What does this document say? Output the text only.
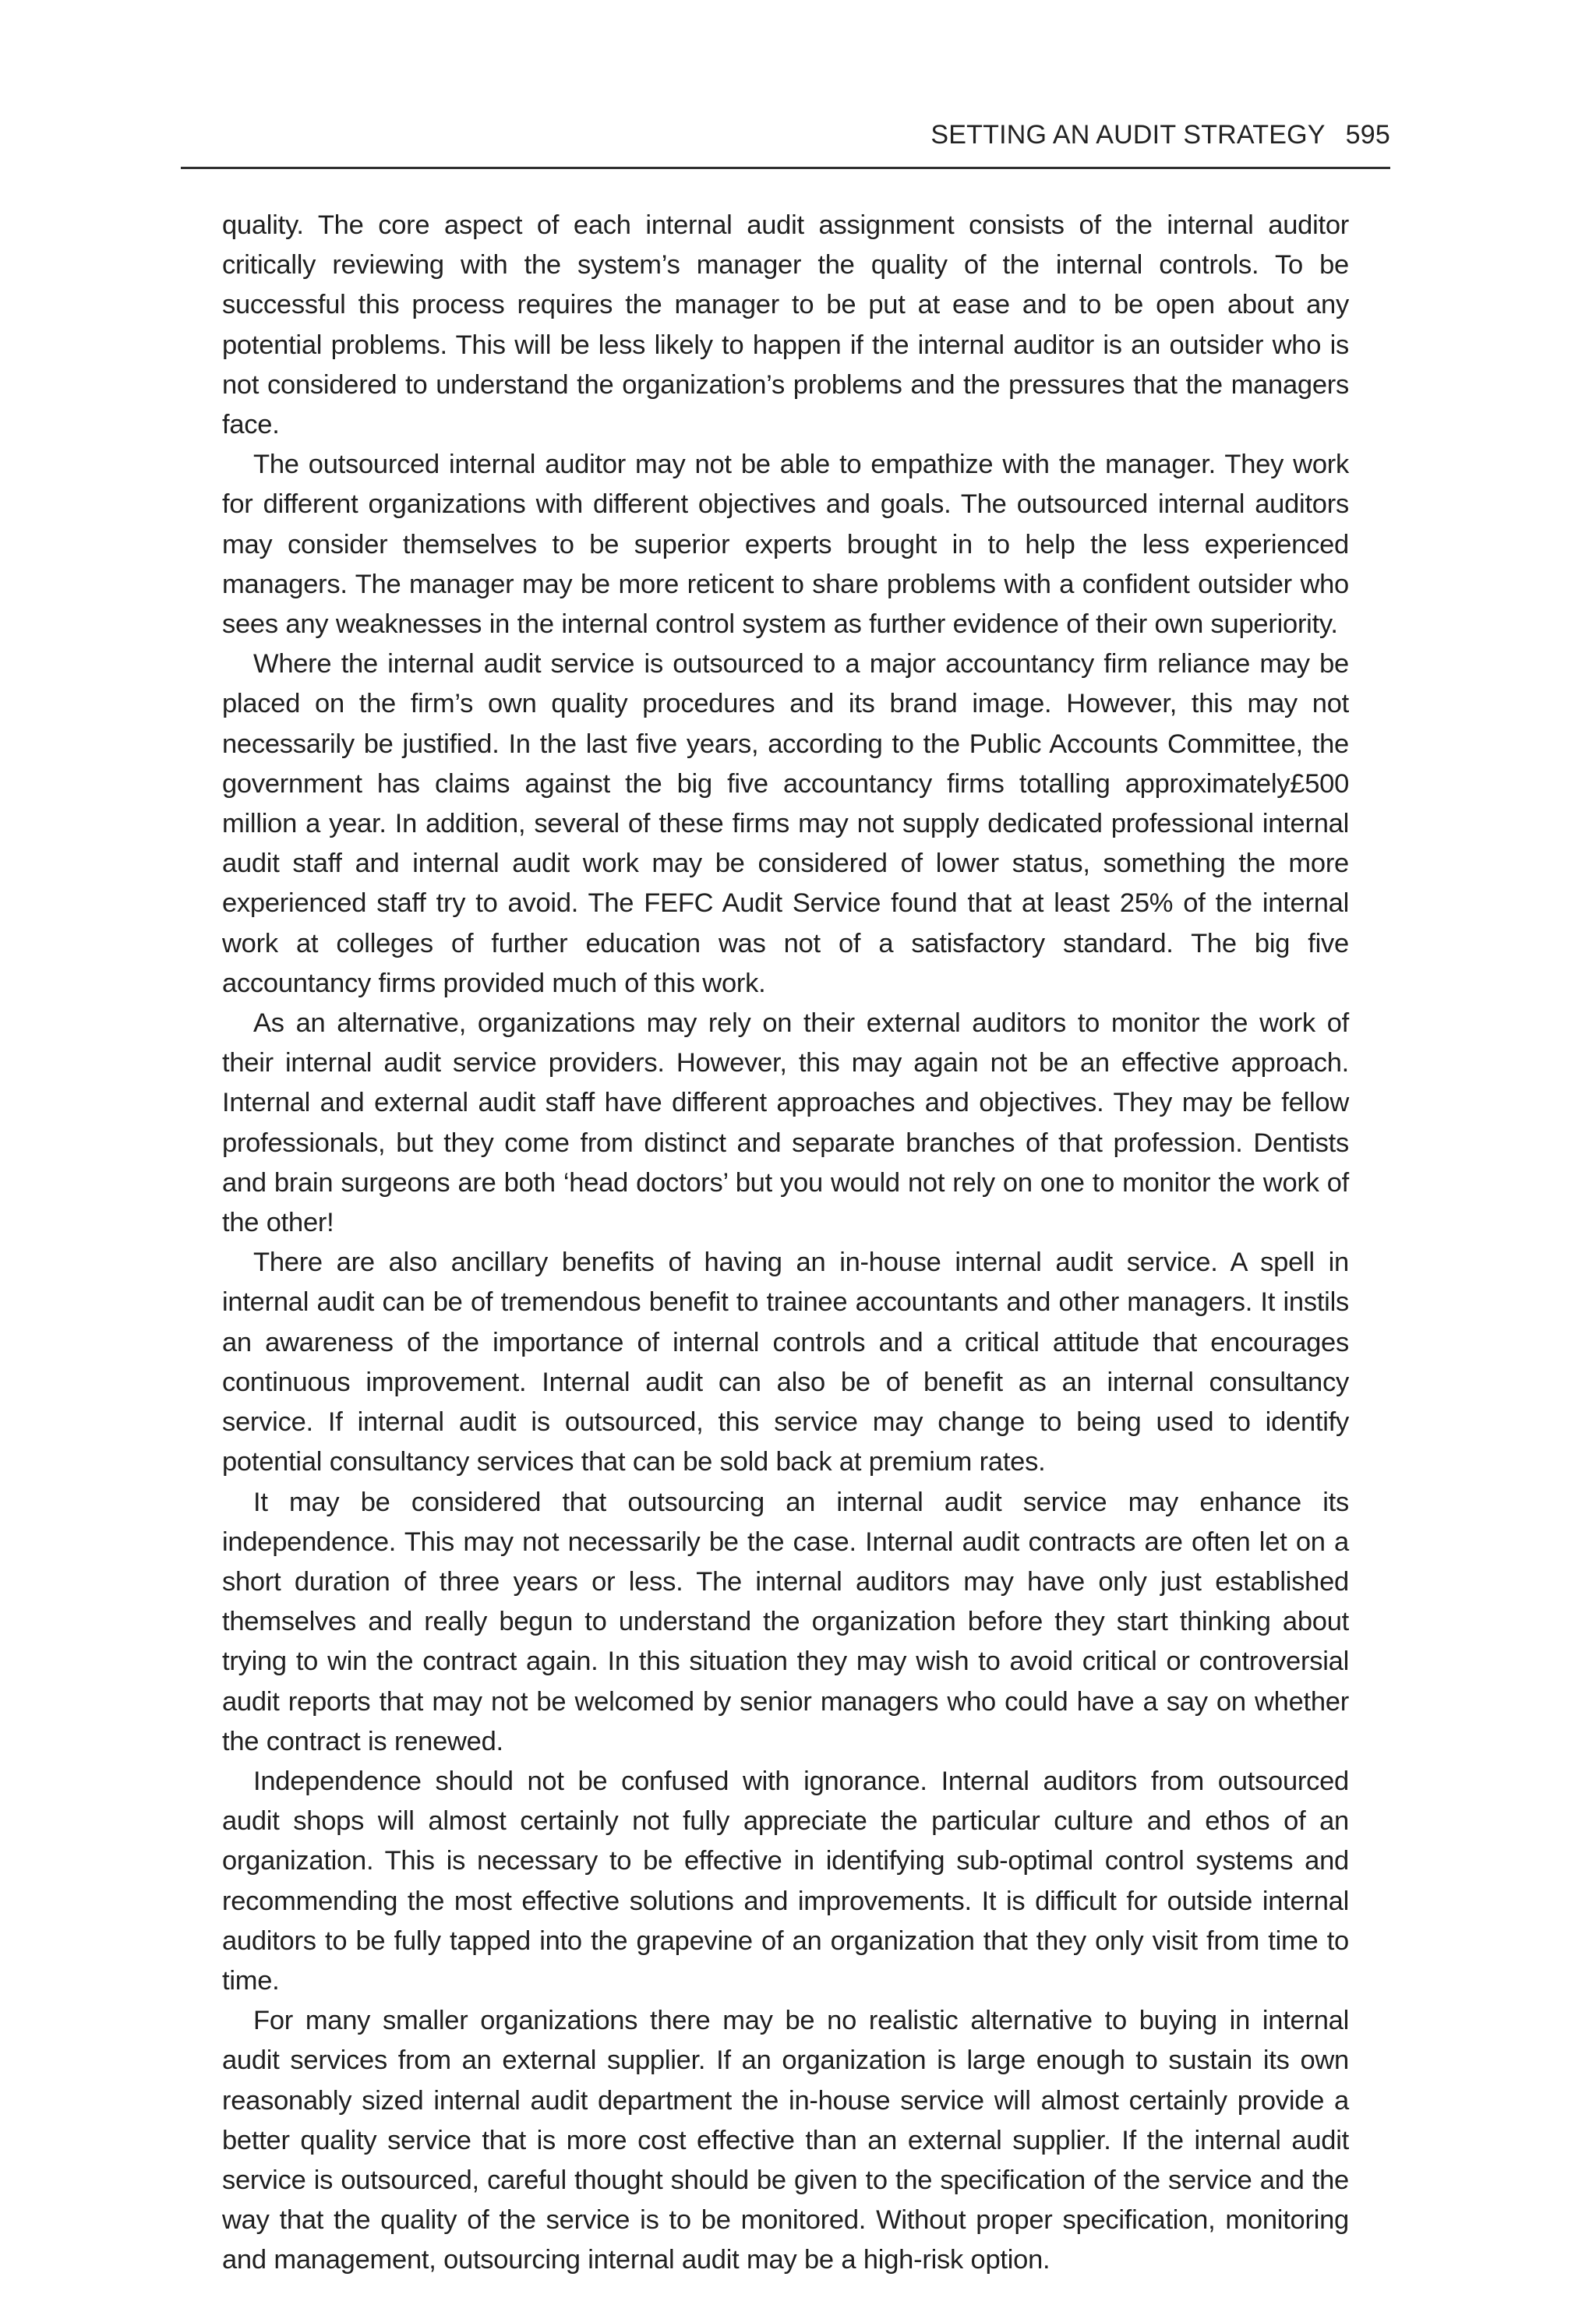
SETTING AN AUDIT STRATEGY 595

quality. The core aspect of each internal audit assignment consists of the internal auditor critically reviewing with the system’s manager the quality of the internal controls. To be successful this process requires the manager to be put at ease and to be open about any potential problems. This will be less likely to happen if the internal auditor is an outsider who is not considered to understand the organization’s problems and the pressures that the managers face.

The outsourced internal auditor may not be able to empathize with the manager. They work for different organizations with different objectives and goals. The outsourced internal auditors may consider themselves to be superior experts brought in to help the less experienced managers. The manager may be more reticent to share problems with a confident outsider who sees any weaknesses in the internal control system as further evidence of their own superiority.

Where the internal audit service is outsourced to a major accountancy firm reliance may be placed on the firm’s own quality procedures and its brand image. However, this may not necessarily be justified. In the last five years, according to the Public Accounts Committee, the government has claims against the big five accountancy firms totalling approximately£500 million a year. In addition, several of these firms may not supply dedicated professional internal audit staff and internal audit work may be considered of lower status, something the more experienced staff try to avoid. The FEFC Audit Service found that at least 25% of the internal work at colleges of further education was not of a satisfactory standard. The big five accountancy firms provided much of this work.

As an alternative, organizations may rely on their external auditors to monitor the work of their internal audit service providers. However, this may again not be an effective approach. Internal and external audit staff have different approaches and objectives. They may be fellow professionals, but they come from distinct and separate branches of that profession. Dentists and brain surgeons are both ‘head doctors’ but you would not rely on one to monitor the work of the other!

There are also ancillary benefits of having an in-house internal audit service. A spell in internal audit can be of tremendous benefit to trainee accountants and other managers. It instils an awareness of the importance of internal controls and a critical attitude that encourages continuous improvement. Internal audit can also be of benefit as an internal consultancy service. If internal audit is outsourced, this service may change to being used to identify potential consultancy services that can be sold back at premium rates.

It may be considered that outsourcing an internal audit service may enhance its independence. This may not necessarily be the case. Internal audit contracts are often let on a short duration of three years or less. The internal auditors may have only just established themselves and really begun to understand the organization before they start thinking about trying to win the contract again. In this situation they may wish to avoid critical or controversial audit reports that may not be welcomed by senior managers who could have a say on whether the contract is renewed.

Independence should not be confused with ignorance. Internal auditors from outsourced audit shops will almost certainly not fully appreciate the particular culture and ethos of an organization. This is necessary to be effective in identifying sub-optimal control systems and recommending the most effective solutions and improvements. It is difficult for outside internal auditors to be fully tapped into the grapevine of an organization that they only visit from time to time.

For many smaller organizations there may be no realistic alternative to buying in internal audit services from an external supplier. If an organization is large enough to sustain its own reasonably sized internal audit department the in-house service will almost certainly provide a better quality service that is more cost effective than an external supplier. If the internal audit service is outsourced, careful thought should be given to the specification of the service and the way that the quality of the service is to be monitored. Without proper specification, monitoring and management, outsourcing internal audit may be a high-risk option.
